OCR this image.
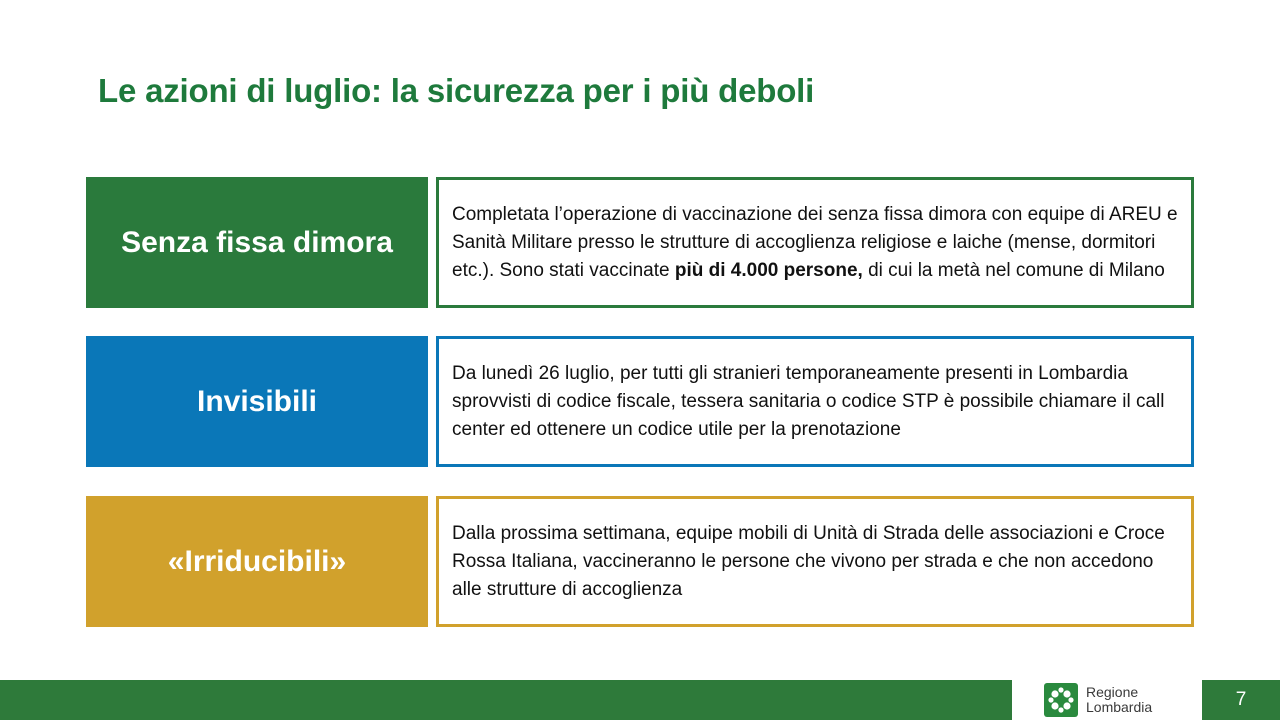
Le azioni di luglio: la sicurezza per i più deboli
Senza fissa dimora

Completata l’operazione di vaccinazione dei senza fissa dimora con equipe di AREU e Sanità Militare presso le strutture di accoglienza religiose e laiche (mense, dormitori etc.). Sono stati vaccinate più di 4.000 persone, di cui la metà nel comune di Milano

Invisibili

Da lunedì 26 luglio, per tutti gli stranieri temporaneamente presenti in Lombardia sprovvisti di codice fiscale, tessera sanitaria o codice STP è possibile chiamare il call center ed ottenere un codice utile per la prenotazione

«Irriducibili»

Dalla prossima settimana, equipe mobili di Unità di Strada delle associazioni e Croce Rossa Italiana, vaccineranno le persone che vivono per strada e che non accedono alle strutture di accoglienza

Regione
Lombardia	7
